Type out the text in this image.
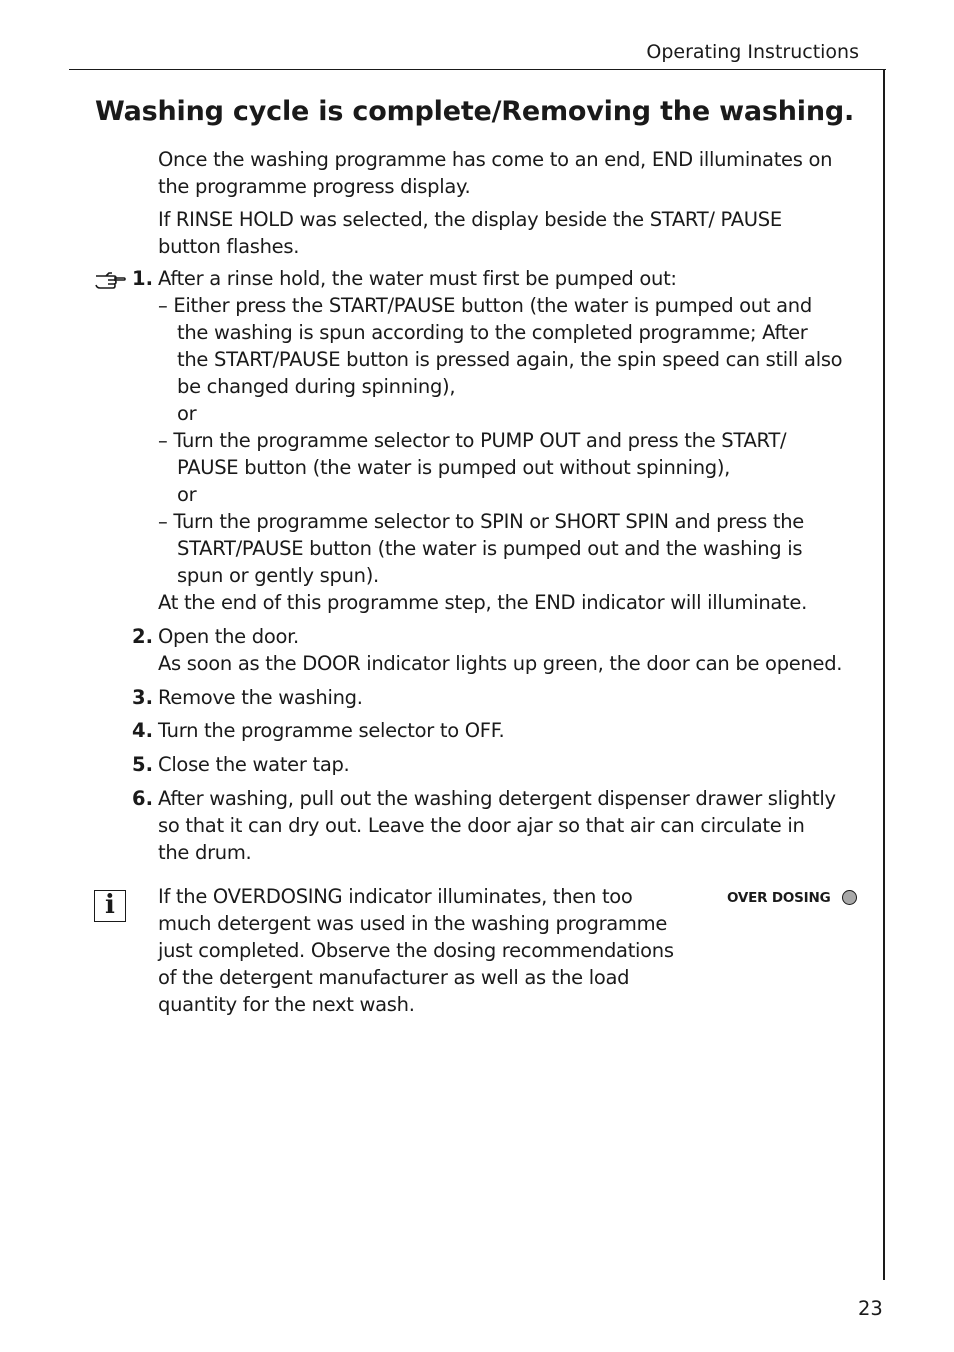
Operating Instructions
Washing cycle is complete/Removing the washing.
Once the washing programme has come to an end, END illuminates on
the programme progress display.
If RINSE HOLD was selected, the display beside the START/ PAUSE
button flashes.
1. After a rinse hold, the water must first be pumped out:
– Either press the START/PAUSE button (the water is pumped out and
the washing is spun according to the completed programme; After
the START/PAUSE button is pressed again, the spin speed can still also
be changed during spinning),
or
– Turn the programme selector to PUMP OUT and press the START/
PAUSE button (the water is pumped out without spinning),
or
– Turn the programme selector to SPIN or SHORT SPIN and press the
START/PAUSE button (the water is pumped out and the washing is
spun or gently spun).
At the end of this programme step, the END indicator will illuminate.
2. Open the door.
As soon as the DOOR indicator lights up green, the door can be opened.
3. Remove the washing.
4. Turn the programme selector to OFF.
5. Close the water tap.
6. After washing, pull out the washing detergent dispenser drawer slightly
so that it can dry out. Leave the door ajar so that air can circulate in
the drum.
i	If the OVERDOSING indicator illuminates, then too
much detergent was used in the washing programme
just completed. Observe the dosing recommendations
of the detergent manufacturer as well as the load
quantity for the next wash.
OVER DOSING
23
